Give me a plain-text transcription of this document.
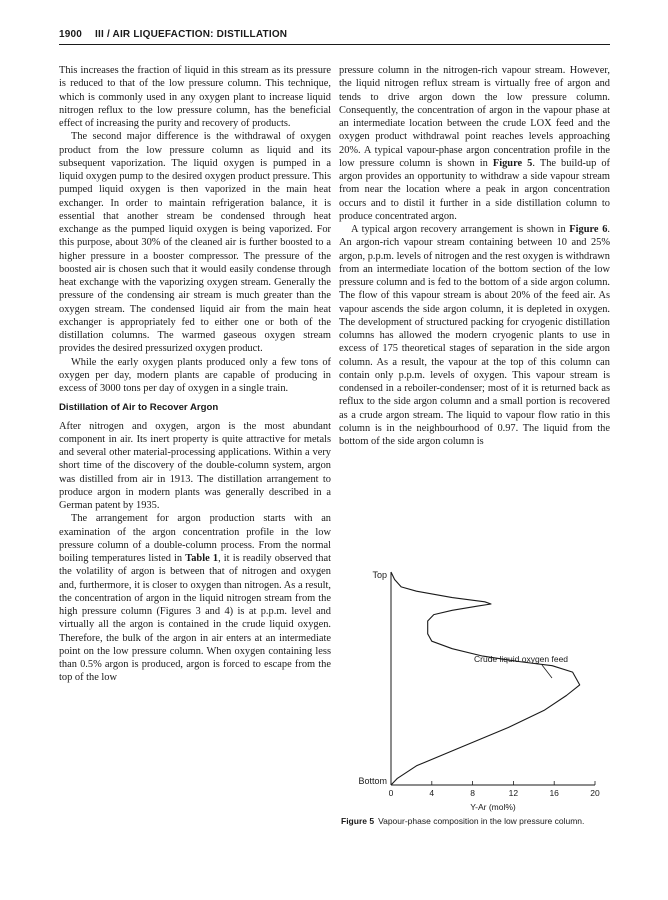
1900 III / AIR LIQUEFACTION: DISTILLATION

This increases the fraction of liquid in this stream as its pressure is reduced to that of the low pressure column. This technique, which is commonly used in any oxygen plant to increase liquid nitrogen reflux to the low pressure column, has the beneficial effect of increasing the purity and recovery of products.

The second major difference is the withdrawal of oxygen product from the low pressure column as liquid and its subsequent vaporization. The liquid oxygen is pumped in a liquid oxygen pump to the desired oxygen product pressure. This pumped liquid oxygen is then vaporized in the main heat exchanger. In order to maintain refrigeration balance, it is essential that another stream be condensed through heat exchange as the pumped liquid oxygen is being vaporized. For this purpose, about 30% of the cleaned air is further boosted to a higher pressure in a booster compressor. The pressure of the boosted air is chosen such that it would easily condense through heat exchange with the vaporizing oxygen stream. Generally the pressure of the condensing air stream is much greater than the oxygen stream. The condensed liquid air from the main heat exchanger is appropriately fed to either one or both of the distillation columns. The warmed gaseous oxygen stream provides the desired pressurized oxygen product.

While the early oxygen plants produced only a few tons of oxygen per day, modern plants are capable of producing in excess of 3000 tons per day of oxygen in a single train.

Distillation of Air to Recover Argon

After nitrogen and oxygen, argon is the most abundant component in air. Its inert property is quite attractive for metals and several other material-processing applications. Within a very short time of the discovery of the double-column system, argon was distilled from air in 1913. The distillation arrangement to produce argon in modern plants was generally described in a German patent by 1935.

The arrangement for argon production starts with an examination of the argon concentration profile in the low pressure column of a double-column process. From the normal boiling temperatures listed in Table 1, it is readily observed that the volatility of argon is between that of nitrogen and oxygen and, furthermore, it is closer to oxygen than nitrogen. As a result, the concentration of argon in the liquid nitrogen stream from the high pressure column (Figures 3 and 4) is at p.p.m. level and virtually all the argon is contained in the crude liquid oxygen. Therefore, the bulk of the argon in air enters at an intermediate point on the low pressure column. When oxygen containing less than 0.5% argon is produced, argon is forced to escape from the top of the low

pressure column in the nitrogen-rich vapour stream. However, the liquid nitrogen reflux stream is virtually free of argon and tends to drive argon down the low pressure column. Consequently, the concentration of argon in the vapour phase at an intermediate location between the crude LOX feed and the oxygen product withdrawal point reaches levels approaching 20%. A typical vapour-phase argon concentration profile in the low pressure column is shown in Figure 5. The build-up of argon provides an opportunity to withdraw a side vapour stream from near the location where a peak in argon concentration occurs and to distil it further in a side distillation column to produce concentrated argon.

A typical argon recovery arrangement is shown in Figure 6. An argon-rich vapour stream containing between 10 and 25% argon, p.p.m. levels of nitrogen and the rest oxygen is withdrawn from an intermediate location of the bottom section of the low pressure column and is fed to the bottom of a side argon column. The flow of this vapour stream is about 20% of the feed air. As vapour ascends the side argon column, it is depleted in oxygen. The development of structured packing for cryogenic distillation columns has allowed the modern cryogenic plants to use in excess of 175 theoretical stages of separation in the side argon column. As a result, the vapour at the top of this column can contain only p.p.m. levels of oxygen. This vapour stream is condensed in a reboiler-condenser; most of it is returned back as reflux to the side argon column and a small portion is recovered as a crude argon stream. The liquid to vapour flow ratio in this column is in the neighbourhood of 0.97. The liquid from the bottom of the side argon column is

0	4	8	12	16	20
Top
Bottom
Y-Ar (mol%)
Crude liquid oxygen feed
Figure 5 Vapour-phase composition in the low pressure column.
